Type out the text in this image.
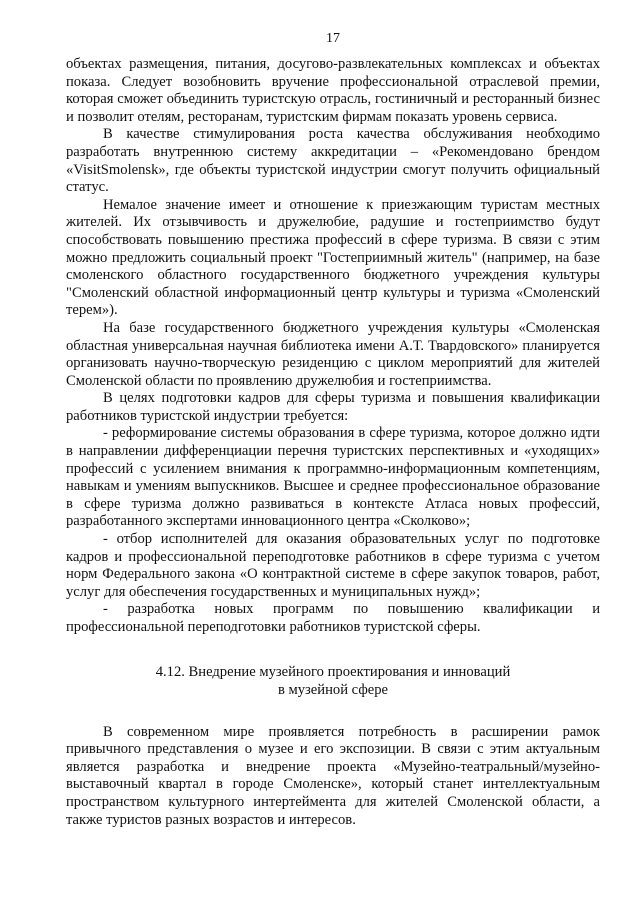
17

объектах размещения, питания, досугово-развлекательных комплексах и объектах показа. Следует возобновить вручение профессиональной отраслевой премии, которая сможет объединить туристскую отрасль, гостиничный и ресторанный бизнес и позволит отелям, ресторанам, туристским фирмам показать уровень сервиса.

В качестве стимулирования роста качества обслуживания необходимо разработать внутреннюю систему аккредитации – «Рекомендовано брендом «VisitSmolensk», где объекты туристской индустрии смогут получить официальный статус.

Немалое значение имеет и отношение к приезжающим туристам местных жителей. Их отзывчивость и дружелюбие, радушие и гостеприимство будут способствовать повышению престижа профессий в сфере туризма. В связи с этим можно предложить социальный проект "Гостеприимный житель" (например, на базе смоленского областного государственного бюджетного учреждения культуры "Смоленский областной информационный центр культуры и туризма «Смоленский терем»).

На базе государственного бюджетного учреждения культуры «Смоленская областная универсальная научная библиотека имени А.Т. Твардовского» планируется организовать научно-творческую резиденцию с циклом мероприятий для жителей Смоленской области по проявлению дружелюбия и гостеприимства.

В целях подготовки кадров для сферы туризма и повышения квалификации работников туристской индустрии требуется:

- реформирование системы образования в сфере туризма, которое должно идти в направлении дифференциации перечня туристских перспективных и «уходящих» профессий с усилением внимания к программно-информационным компетенциям, навыкам и умениям выпускников. Высшее и среднее профессиональное образование в сфере туризма должно развиваться в контексте Атласа новых профессий, разработанного экспертами инновационного центра «Сколково»;

- отбор исполнителей для оказания образовательных услуг по подготовке кадров и профессиональной переподготовке работников в сфере туризма с учетом норм Федерального закона «О контрактной системе в сфере закупок товаров, работ, услуг для обеспечения государственных и муниципальных нужд»;

- разработка новых программ по повышению квалификации и профессиональной переподготовки работников туристской сферы.

4.12. Внедрение музейного проектирования и инноваций
в музейной сфере

В современном мире проявляется потребность в расширении рамок привычного представления о музее и его экспозиции. В связи с этим актуальным является разработка и внедрение проекта «Музейно-театральный/музейно-выставочный квартал в городе Смоленске», который станет интеллектуальным пространством культурного интертеймента для жителей Смоленской области, а также туристов разных возрастов и интересов.
